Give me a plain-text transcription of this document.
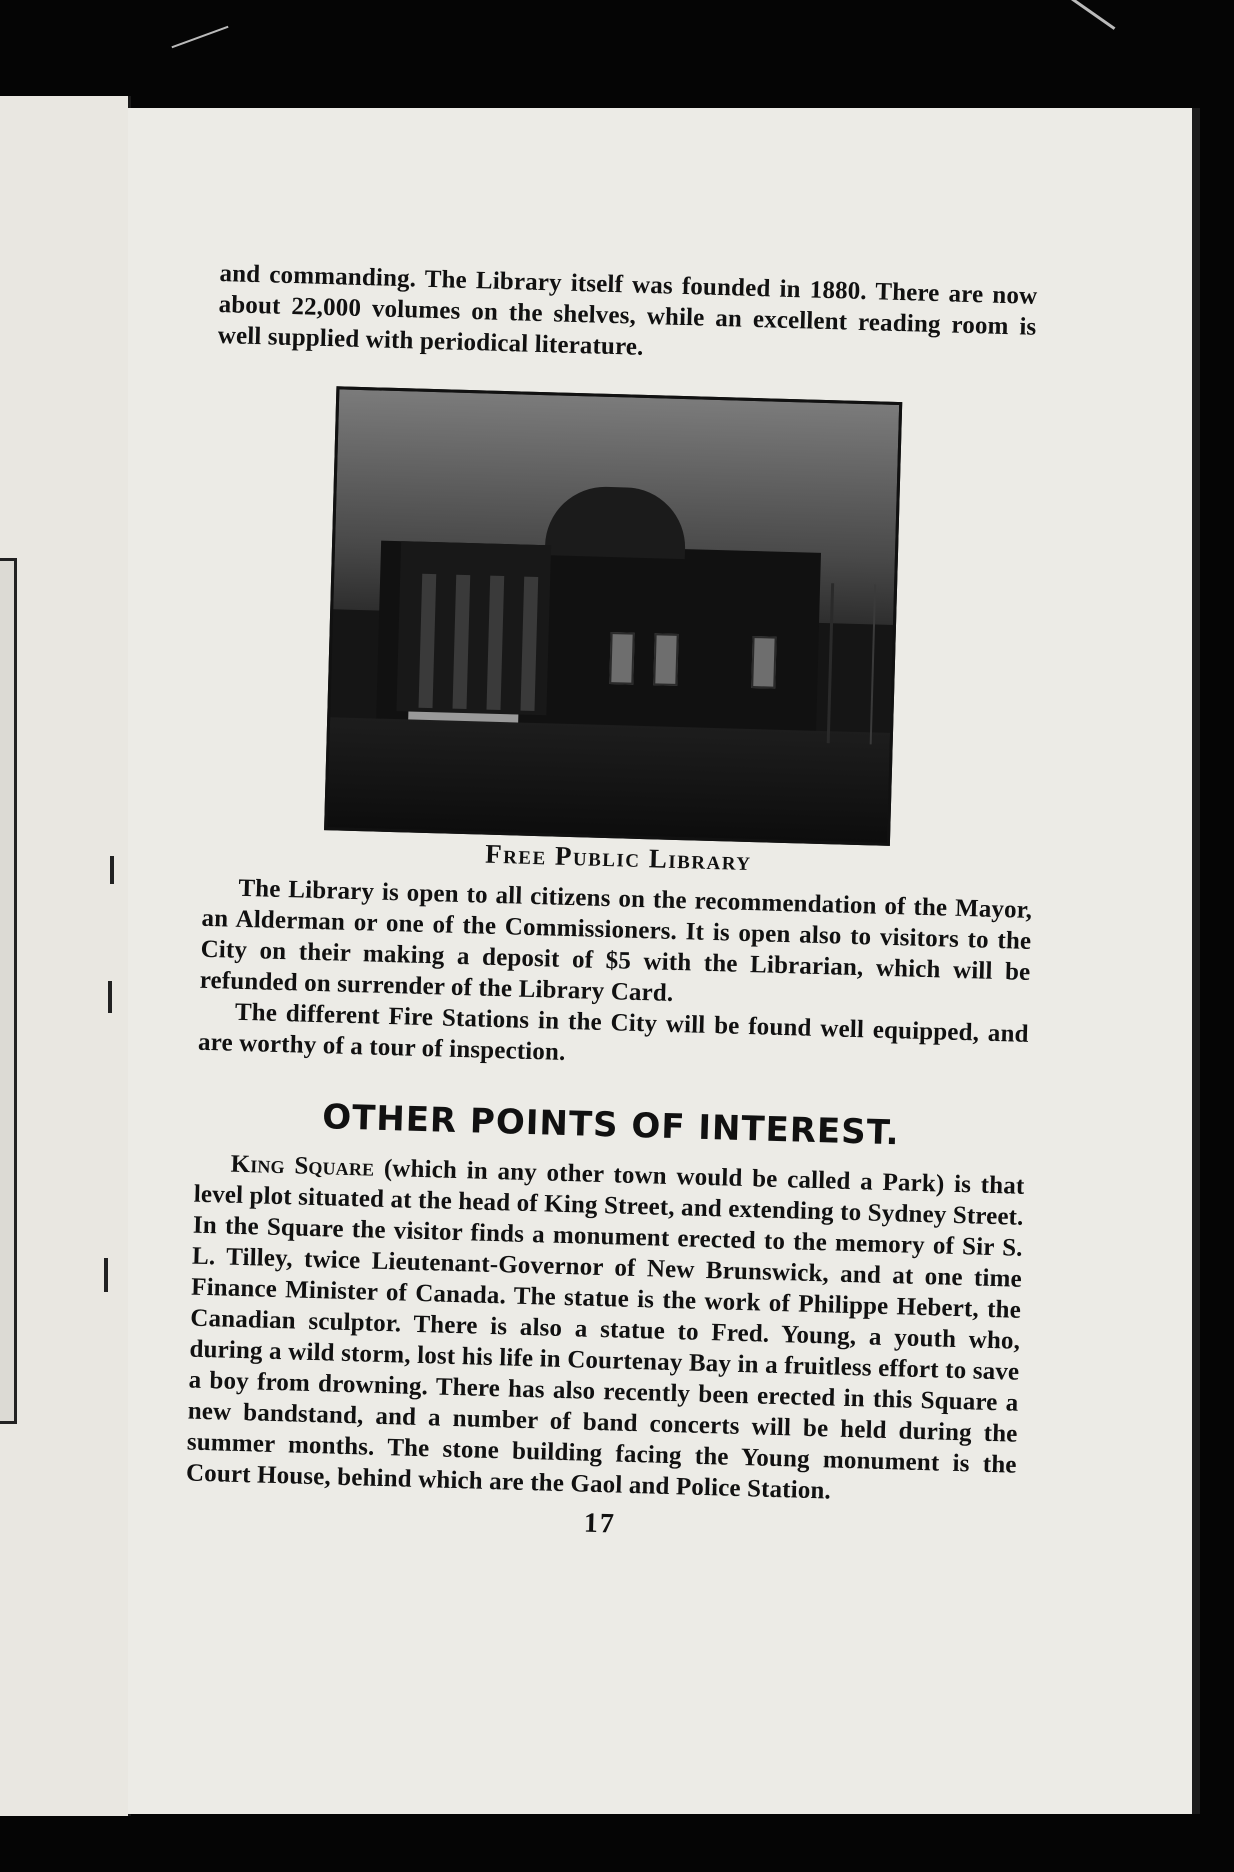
and commanding. The Library itself was founded in 1880. There are now about 22,000 volumes on the shelves, while an excellent reading room is well supplied with periodical literature.

Free Public Library

The Library is open to all citizens on the recommendation of the Mayor, an Alderman or one of the Commissioners. It is open also to visitors to the City on their making a deposit of $5 with the Librarian, which will be refunded on surrender of the Library Card.

The different Fire Stations in the City will be found well equipped, and are worthy of a tour of inspection.

OTHER POINTS OF INTEREST.

King Square (which in any other town would be called a Park) is that level plot situated at the head of King Street, and extending to Sydney Street. In the Square the visitor finds a monument erected to the memory of Sir S. L. Tilley, twice Lieutenant-Governor of New Brunswick, and at one time Finance Minister of Canada. The statue is the work of Philippe Hebert, the Canadian sculptor. There is also a statue to Fred. Young, a youth who, during a wild storm, lost his life in Courtenay Bay in a fruitless effort to save a boy from drowning. There has also recently been erected in this Square a new bandstand, and a number of band concerts will be held during the summer months. The stone building facing the Young monument is the Court House, behind which are the Gaol and Police Station.

17
